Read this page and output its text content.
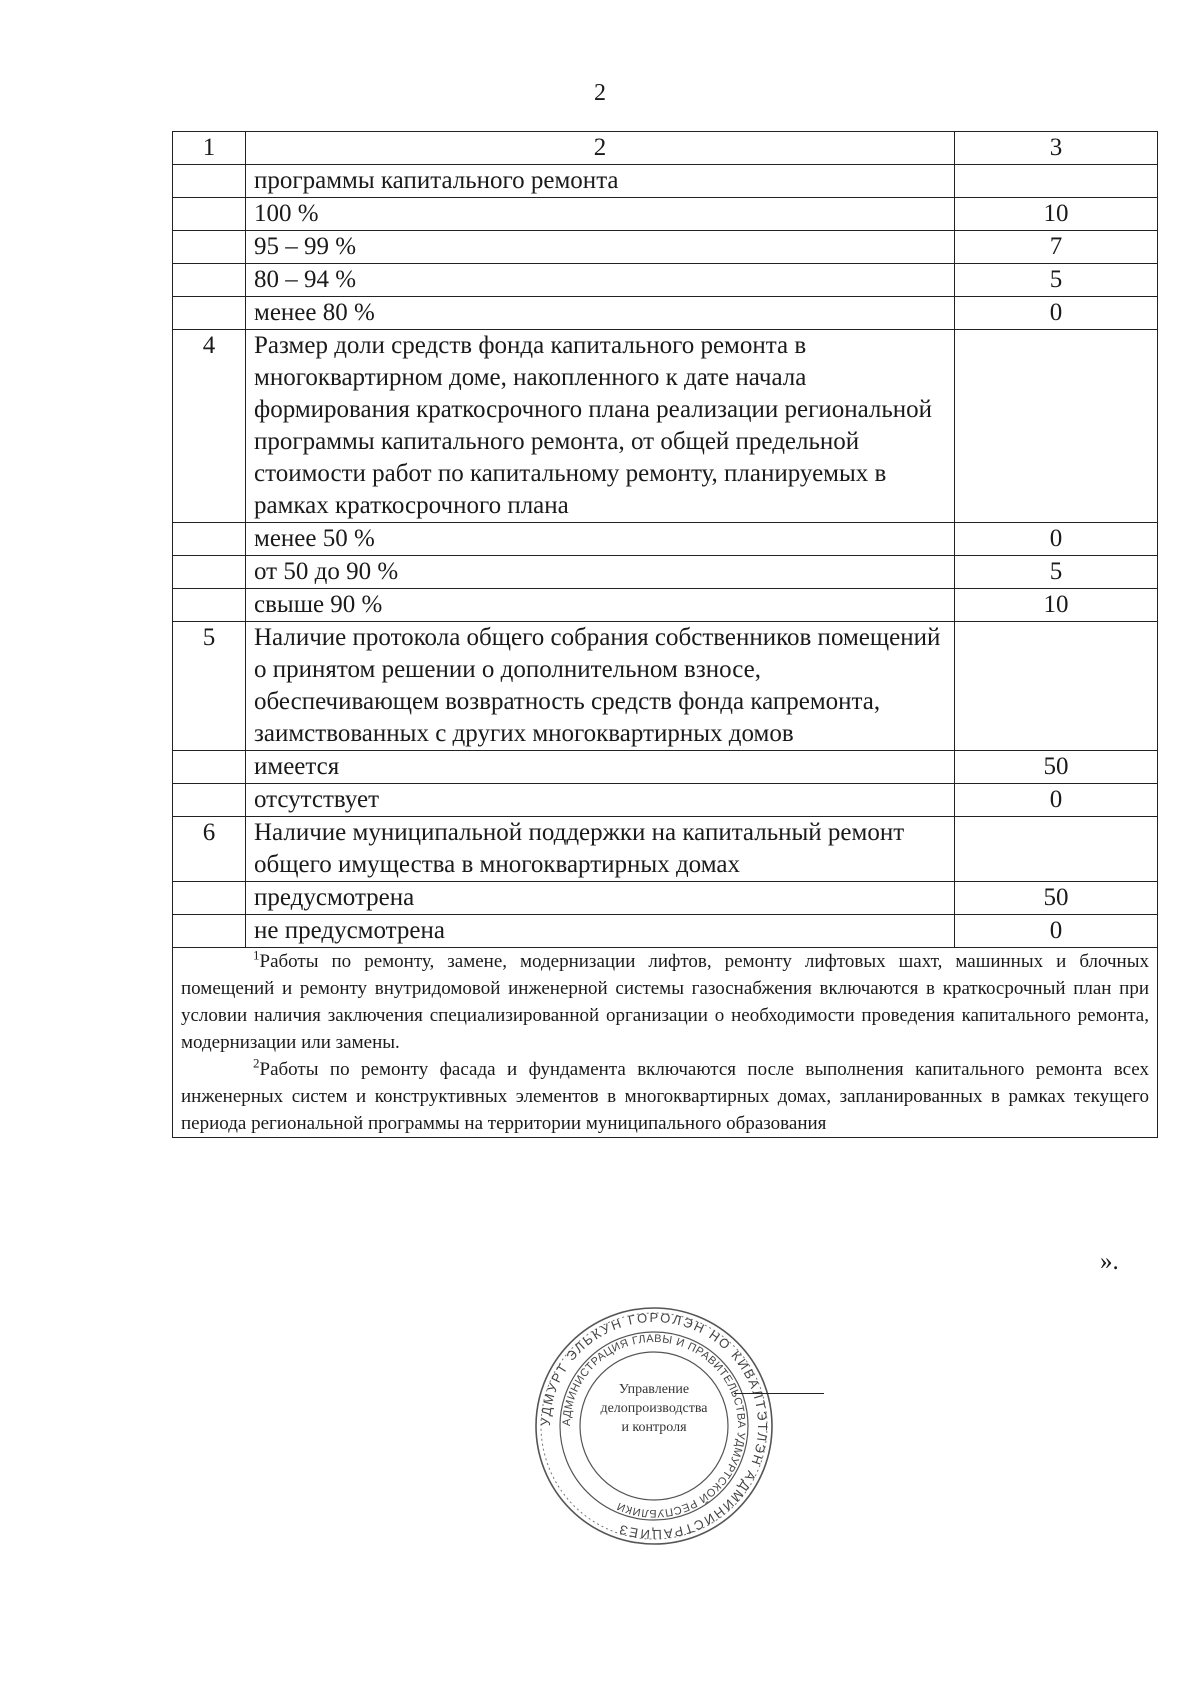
2
1	2	3
	программы капитального ремонта	
	100 %	10
	95 – 99 %	7
	80 – 94 %	5
	менее 80 %	0
4	Размер доли средств фонда капитального ремонта в многоквартирном доме, накопленного к дате начала формирования краткосрочного плана реализации региональной программы капитального ремонта, от общей предельной стоимости работ по капитальному ремонту, планируемых в рамках краткосрочного плана	
	менее 50 %	0
	от 50 до 90 %	5
	свыше 90 %	10
5	Наличие протокола общего собрания собственников помещений о принятом решении о дополнительном взносе, обеспечивающем возвратность средств фонда капремонта, заимствованных с других многоквартирных домов	
	имеется	50
	отсутствует	0
6	Наличие муниципальной поддержки на капитальный ремонт общего имущества в многоквартирных домах	
	предусмотрена	50
	не предусмотрена	0

$^1$Работы по ремонту, замене, модернизации лифтов, ремонту лифтовых шахт, машинных и блочных помещений и ремонту внутридомовой инженерной системы газоснабжения включаются в краткосрочный план при условии наличия заключения специализированной организации о необходимости проведения капитального ремонта, модернизации или замены.

$^2$Работы по ремонту фасада и фундамента включаются после выполнения капитального ремонта всех инженерных систем и конструктивных элементов в многоквартирных домах, запланированных в рамках текущего периода региональной программы на территории муниципального образования		

».
УДМУРТ ЭЛЬКУН ГОРОЛЭН НО КИВАЛТЭТЛЭН АДМИНИСТРАЦИЕЗ
АДМИНИСТРАЦИЯ ГЛАВЫ И ПРАВИТЕЛЬСТВА УДМУРТСКОЙ РЕСПУБЛИКИ
Управление
делопроизводства
и контроля
